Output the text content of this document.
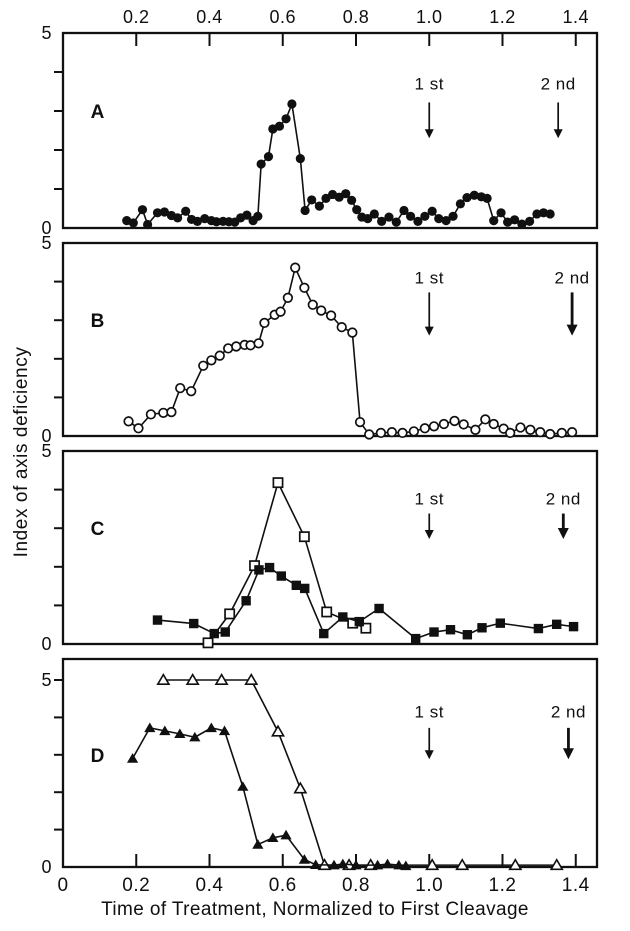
5
0
0.2	0.4	0.6	0.8	1.0	1.2	1.4
A
1 st	2 nd
5
0
B
1 st	2 nd
5
0
C
1 st	2 nd
5
0
0	0.2 0.4 0.6 0.8 1.0 1.2 1.4
D
1 st	2 nd
Index of axis deficiency
Time of Treatment, Normalized to First Cleavage
